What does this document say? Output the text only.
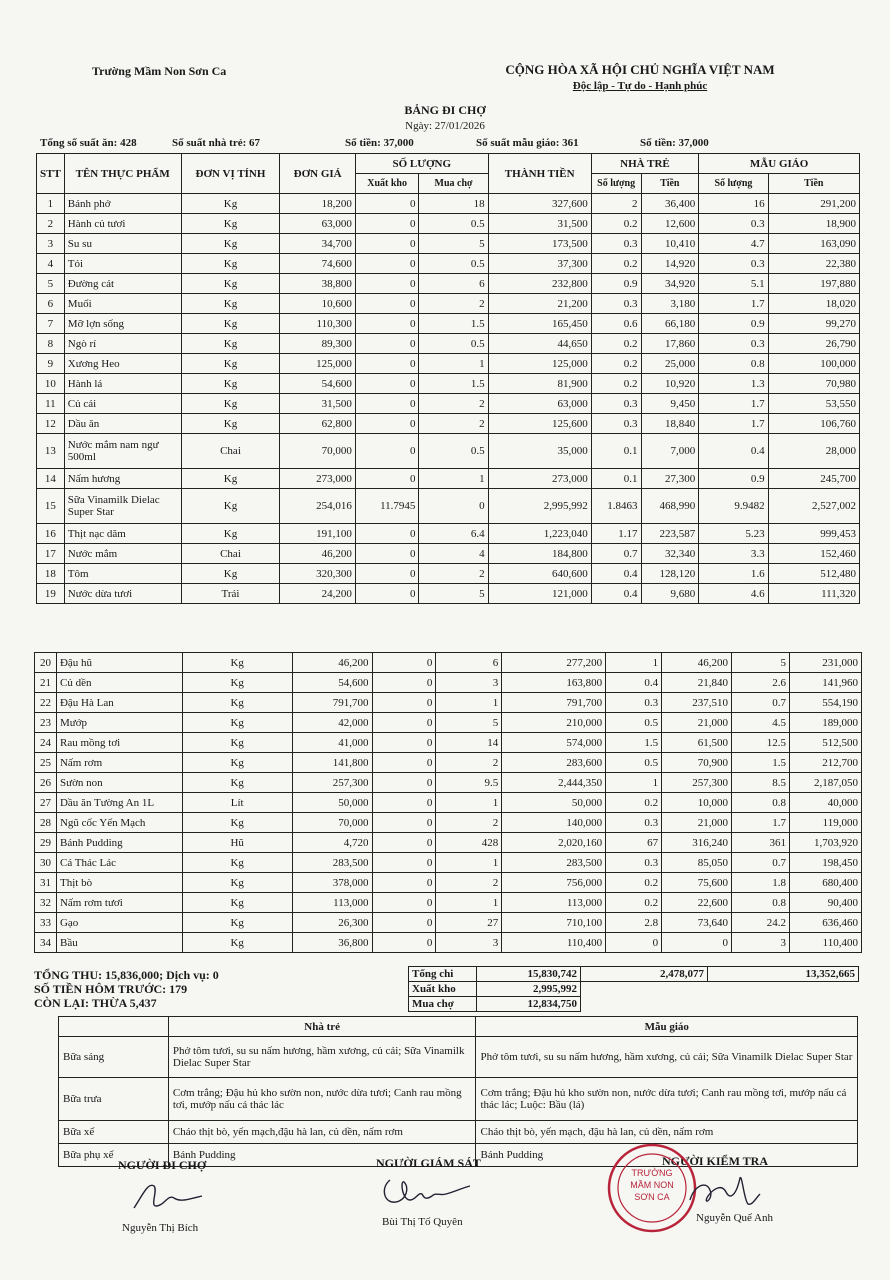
Trường Mầm Non Sơn Ca	CỘNG HÒA XÃ HỘI CHỦ NGHĨA VIỆT NAM
Độc lập - Tự do - Hạnh phúc
BẢNG ĐI CHỢ
Ngày: 27/01/2026
Tổng số suất ăn: 428	Số suất nhà trẻ: 67	Số tiền: 37,000	Số suất mẫu giáo: 361	Số tiền: 37,000
STT	TÊN THỰC PHẨM	ĐƠN VỊ TÍNH	ĐƠN GIÁ	SỐ LƯỢNG		THÀNH TIỀN	NHÀ TRẺ		MẪU GIÁO	
				Xuất kho	Mua chợ		Số lượng	Tiền	Số lượng	Tiền
1	Bánh phở	Kg	18,200	0	18	327,600	2	36,400	16	291,200
2	Hành củ tươi	Kg	63,000	0	0.5	31,500	0.2	12,600	0.3	18,900
3	Su su	Kg	34,700	0	5	173,500	0.3	10,410	4.7	163,090
4	Tỏi	Kg	74,600	0	0.5	37,300	0.2	14,920	0.3	22,380
5	Đường cát	Kg	38,800	0	6	232,800	0.9	34,920	5.1	197,880
6	Muối	Kg	10,600	0	2	21,200	0.3	3,180	1.7	18,020
7	Mỡ lợn sống	Kg	110,300	0	1.5	165,450	0.6	66,180	0.9	99,270
8	Ngò rí	Kg	89,300	0	0.5	44,650	0.2	17,860	0.3	26,790
9	Xương Heo	Kg	125,000	0	1	125,000	0.2	25,000	0.8	100,000
10	Hành lá	Kg	54,600	0	1.5	81,900	0.2	10,920	1.3	70,980
11	Củ cải	Kg	31,500	0	2	63,000	0.3	9,450	1.7	53,550
12	Dầu ăn	Kg	62,800	0	2	125,600	0.3	18,840	1.7	106,760
13	Nước mắm nam ngư 500ml	Chai	70,000	0	0.5	35,000	0.1	7,000	0.4	28,000
14	Nấm hương	Kg	273,000	0	1	273,000	0.1	27,300	0.9	245,700
15	Sữa Vinamilk Dielac Super Star	Kg	254,016	11.7945	0	2,995,992	1.8463	468,990	9.9482	2,527,002
16	Thịt nạc dăm	Kg	191,100	0	6.4	1,223,040	1.17	223,587	5.23	999,453
17	Nước mắm	Chai	46,200	0	4	184,800	0.7	32,340	3.3	152,460
18	Tôm	Kg	320,300	0	2	640,600	0.4	128,120	1.6	512,480
19	Nước dừa tươi	Trái	24,200	0	5	121,000	0.4	9,680	4.6	111,320
20	Đậu hũ	Kg	46,200	0	6	277,200	1	46,200	5	231,000
21	Củ dền	Kg	54,600	0	3	163,800	0.4	21,840	2.6	141,960
22	Đậu Hà Lan	Kg	791,700	0	1	791,700	0.3	237,510	0.7	554,190
23	Mướp	Kg	42,000	0	5	210,000	0.5	21,000	4.5	189,000
24	Rau mồng tơi	Kg	41,000	0	14	574,000	1.5	61,500	12.5	512,500
25	Nấm rơm	Kg	141,800	0	2	283,600	0.5	70,900	1.5	212,700
26	Sườn non	Kg	257,300	0	9.5	2,444,350	1	257,300	8.5	2,187,050
27	Dầu ăn Tường An 1L	Lít	50,000	0	1	50,000	0.2	10,000	0.8	40,000
28	Ngũ cốc Yến Mạch	Kg	70,000	0	2	140,000	0.3	21,000	1.7	119,000
29	Bánh Pudding	Hũ	4,720	0	428	2,020,160	67	316,240	361	1,703,920
30	Cá Thác Lác	Kg	283,500	0	1	283,500	0.3	85,050	0.7	198,450
31	Thịt bò	Kg	378,000	0	2	756,000	0.2	75,600	1.8	680,400
32	Nấm rơm tươi	Kg	113,000	0	1	113,000	0.2	22,600	0.8	90,400
33	Gạo	Kg	26,300	0	27	710,100	2.8	73,640	24.2	636,460
34	Bầu	Kg	36,800	0	3	110,400	0	0	3	110,400
TỔNG THU: 15,836,000; Dịch vụ: 0
SỐ TIỀN HÔM TRƯỚC: 179
CÒN LẠI: THỪA 5,437
Tổng chi	15,830,742	2,478,077	13,352,665
Xuất kho	2,995,992		
Mua chợ	12,834,750		
	Nhà trẻ	Mẫu giáo
Bữa sáng	Phở tôm tươi, su su nấm hương, hầm xương, củ cải; Sữa Vinamilk Dielac Super Star	Phở tôm tươi, su su nấm hương, hầm xương, củ cải; Sữa Vinamilk Dielac Super Star
Bữa trưa	Cơm trắng; Đậu hủ kho sườn non, nước dừa tươi; Canh rau mồng tơi, mướp nấu cá thác lác	Cơm trắng; Đậu hủ kho sườn non, nước dừa tươi; Canh rau mồng tơi, mướp nấu cá thác lác; Luộc: Bầu (lá)
Bữa xế	Cháo thịt bò, yến mạch,đậu hà lan, củ dền, nấm rơm	Cháo thịt bò, yến mạch, đậu hà lan, củ dền, nấm rơm
Bữa phụ xế	Bánh Pudding	Bánh Pudding
NGƯỜI ĐI CHỢ
Nguyễn Thị Bích
NGƯỜI GIÁM SÁT
Bùi Thị Tố Quyên
NGƯỜI KIỂM TRA
TRƯỜNG
MẦM NON
SƠN CA
Nguyễn Quế Anh
